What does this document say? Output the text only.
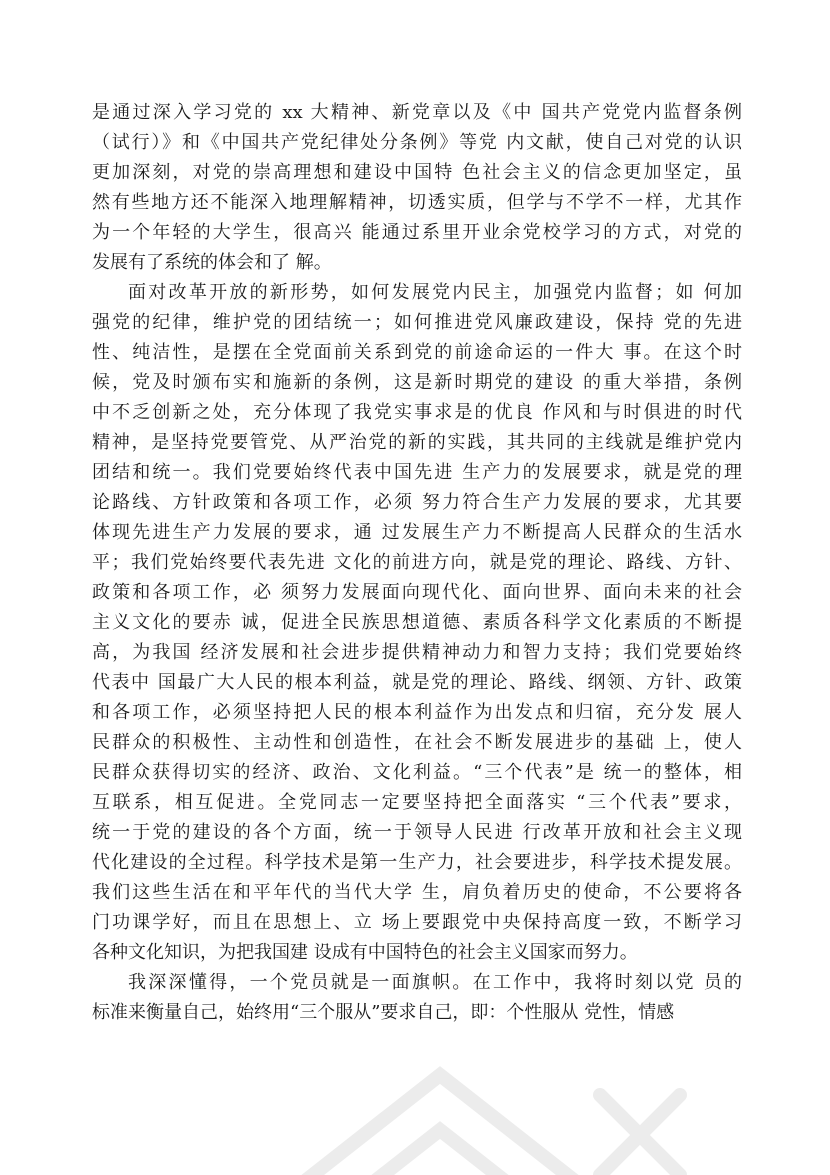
是通过深入学习党的 xx 大精神、新党章以及《中 国共产党党内监督条例
（试行）》和《中国共产党纪律处分条例》等党 内文献，使自己对党的认识
更加深刻，对党的崇高理想和建设中国特 色社会主义的信念更加坚定，虽
然有些地方还不能深入地理解精神，切透实质，但学与不学不一样，尤其作
为一个年轻的大学生，很高兴 能通过系里开业余党校学习的方式，对党的
发展有了系统的体会和了 解。
面对改革开放的新形势，如何发展党内民主，加强党内监督；如 何加
强党的纪律，维护党的团结统一；如何推进党风廉政建设，保持 党的先进
性、纯洁性，是摆在全党面前关系到党的前途命运的一件大 事。在这个时
候，党及时颁布实和施新的条例，这是新时期党的建设 的重大举措，条例
中不乏创新之处，充分体现了我党实事求是的优良 作风和与时俱进的时代
精神，是坚持党要管党、从严治党的新的实践，其共同的主线就是维护党内
团结和统一。我们党要始终代表中国先进 生产力的发展要求，就是党的理
论路线、方针政策和各项工作，必须 努力符合生产力发展的要求，尤其要
体现先进生产力发展的要求，通 过发展生产力不断提高人民群众的生活水
平；我们党始终要代表先进 文化的前进方向，就是党的理论、路线、方针、
政策和各项工作，必 须努力发展面向现代化、面向世界、面向未来的社会
主义文化的要赤 诚，促进全民族思想道德、素质各科学文化素质的不断提
高，为我国 经济发展和社会进步提供精神动力和智力支持；我们党要始终
代表中 国最广大人民的根本利益，就是党的理论、路线、纲领、方针、政策
和各项工作，必须坚持把人民的根本利益作为出发点和归宿，充分发 展人
民群众的积极性、主动性和创造性，在社会不断发展进步的基础 上，使人
民群众获得切实的经济、政治、文化利益。“三个代表”是 统一的整体，相
互联系，相互促进。全党同志一定要坚持把全面落实 “三个代表”要求，
统一于党的建设的各个方面，统一于领导人民进 行改革开放和社会主义现
代化建设的全过程。科学技术是第一生产力，社会要进步，科学技术提发展。
我们这些生活在和平年代的当代大学 生，肩负着历史的使命，不公要将各
门功课学好，而且在思想上、立 场上要跟党中央保持高度一致，不断学习
各种文化知识，为把我国建 设成有中国特色的社会主义国家而努力。
我深深懂得，一个党员就是一面旗帜。在工作中，我将时刻以党 员的
标准来衡量自己，始终用“三个服从”要求自己，即：个性服从 党性，情感
